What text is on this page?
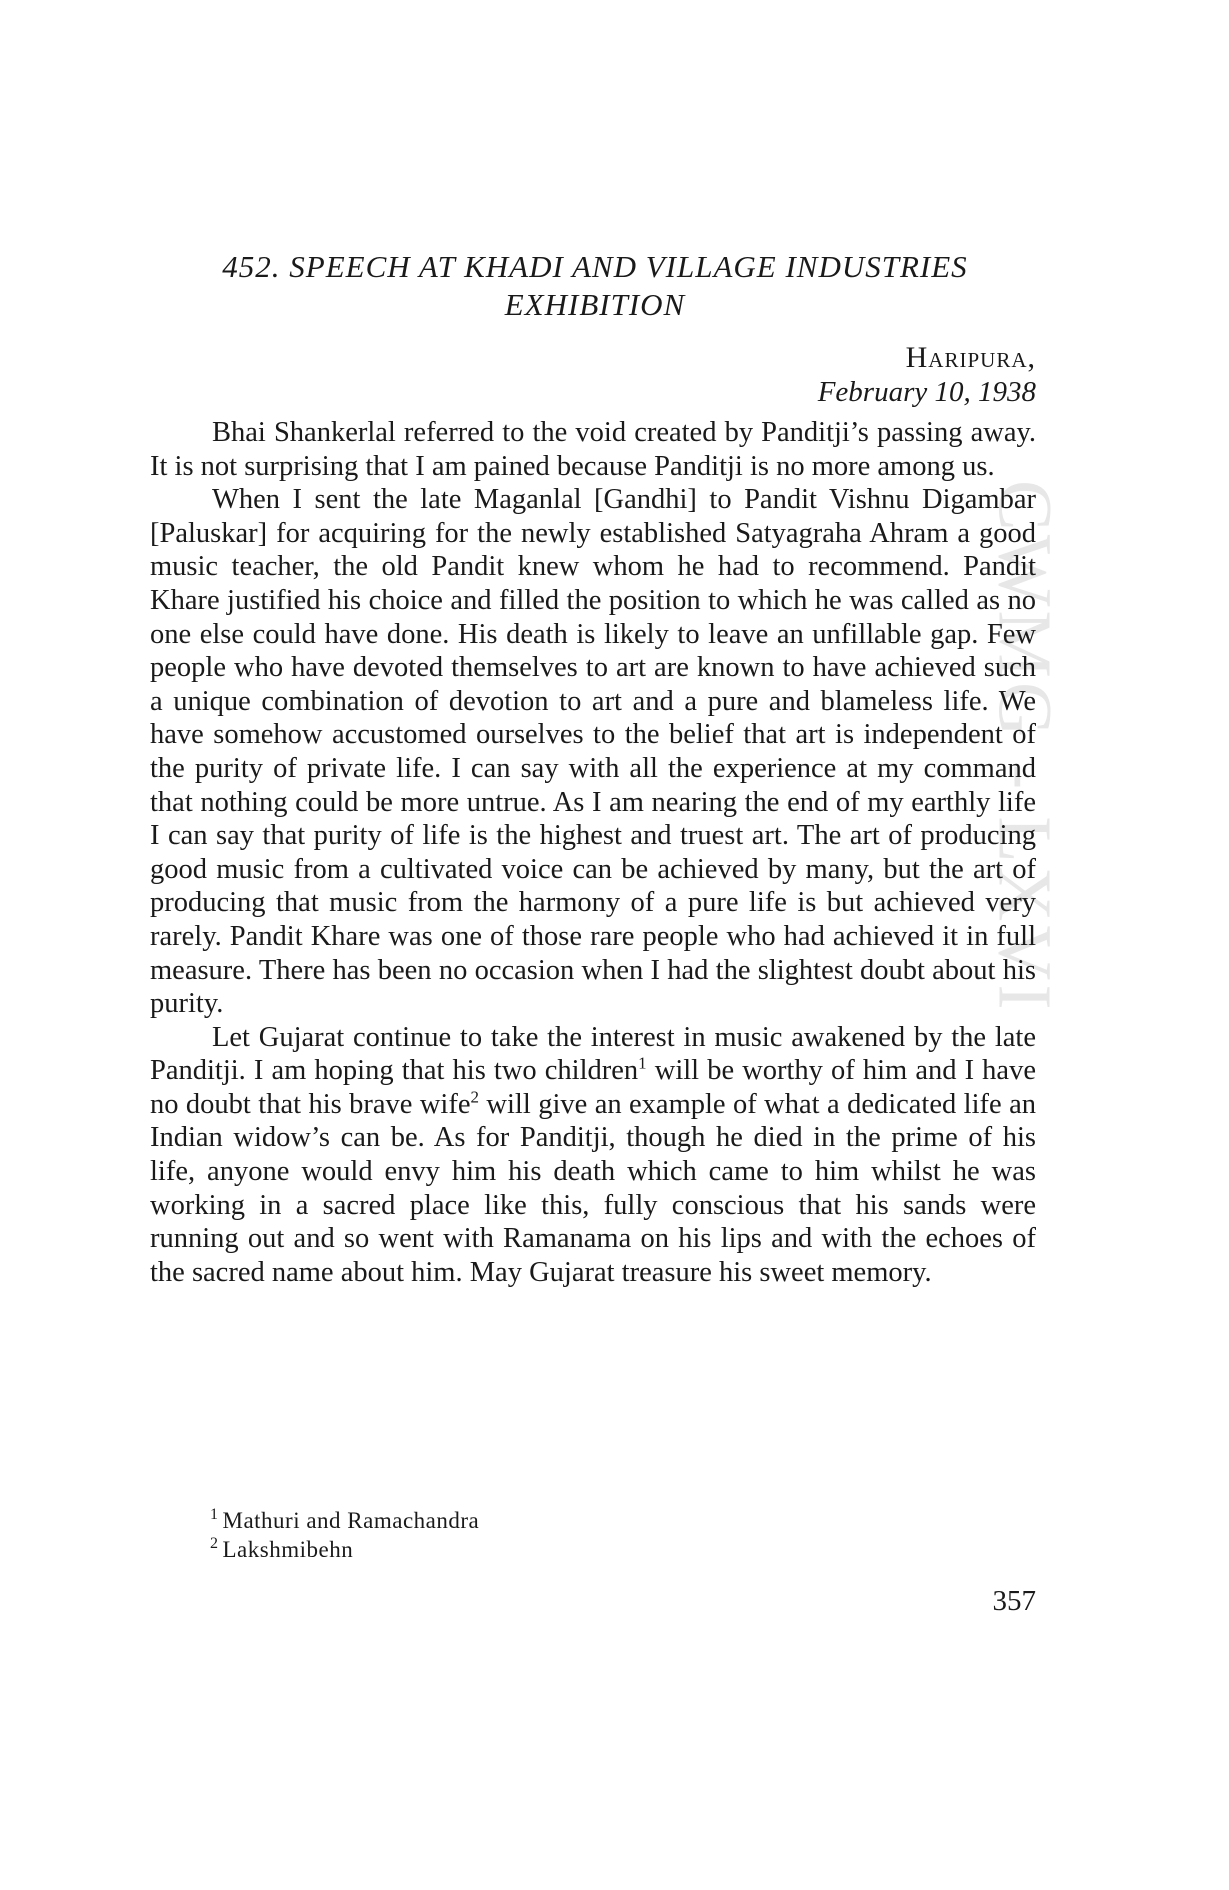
CWMG - LXVI
452. SPEECH AT KHADI AND VILLAGE INDUSTRIES
EXHIBITION
Haripura,
February 10, 1938

Bhai Shankerlal referred to the void created by Panditji’s passing away. It is not surprising that I am pained because Panditji is no more among us.

When I sent the late Maganlal [Gandhi] to Pandit Vishnu Digambar [Paluskar] for acquiring for the newly established Satyagraha Ahram a good music teacher, the old Pandit knew whom he had to recommend. Pandit Khare justified his choice and filled the position to which he was called as no one else could have done. His death is likely to leave an unfillable gap. Few people who have devoted themselves to art are known to have achieved such a unique combination of devotion to art and a pure and blameless life. We have somehow accustomed ourselves to the belief that art is independent of the purity of private life. I can say with all the experience at my command that nothing could be more untrue. As I am nearing the end of my earthly life I can say that purity of life is the highest and truest art. The art of producing good music from a cultivated voice can be achieved by many, but the art of producing that music from the harmony of a pure life is but achieved very rarely. Pandit Khare was one of those rare people who had achieved it in full measure. There has been no occasion when I had the slightest doubt about his purity.

Let Gujarat continue to take the interest in music awakened by the late Panditji. I am hoping that his two children$^1$ will be worthy of him and I have no doubt that his brave wife$^2$ will give an example of what a dedicated life an Indian widow’s can be. As for Panditji, though he died in the prime of his life, anyone would envy him his death which came to him whilst he was working in a sacred place like this, fully conscious that his sands were running out and so went with Ramanama on his lips and with the echoes of the sacred name about him. May Gujarat treasure his sweet memory.

$^1$ Mathuri and Ramachandra
$^2$ Lakshmibehn
357
